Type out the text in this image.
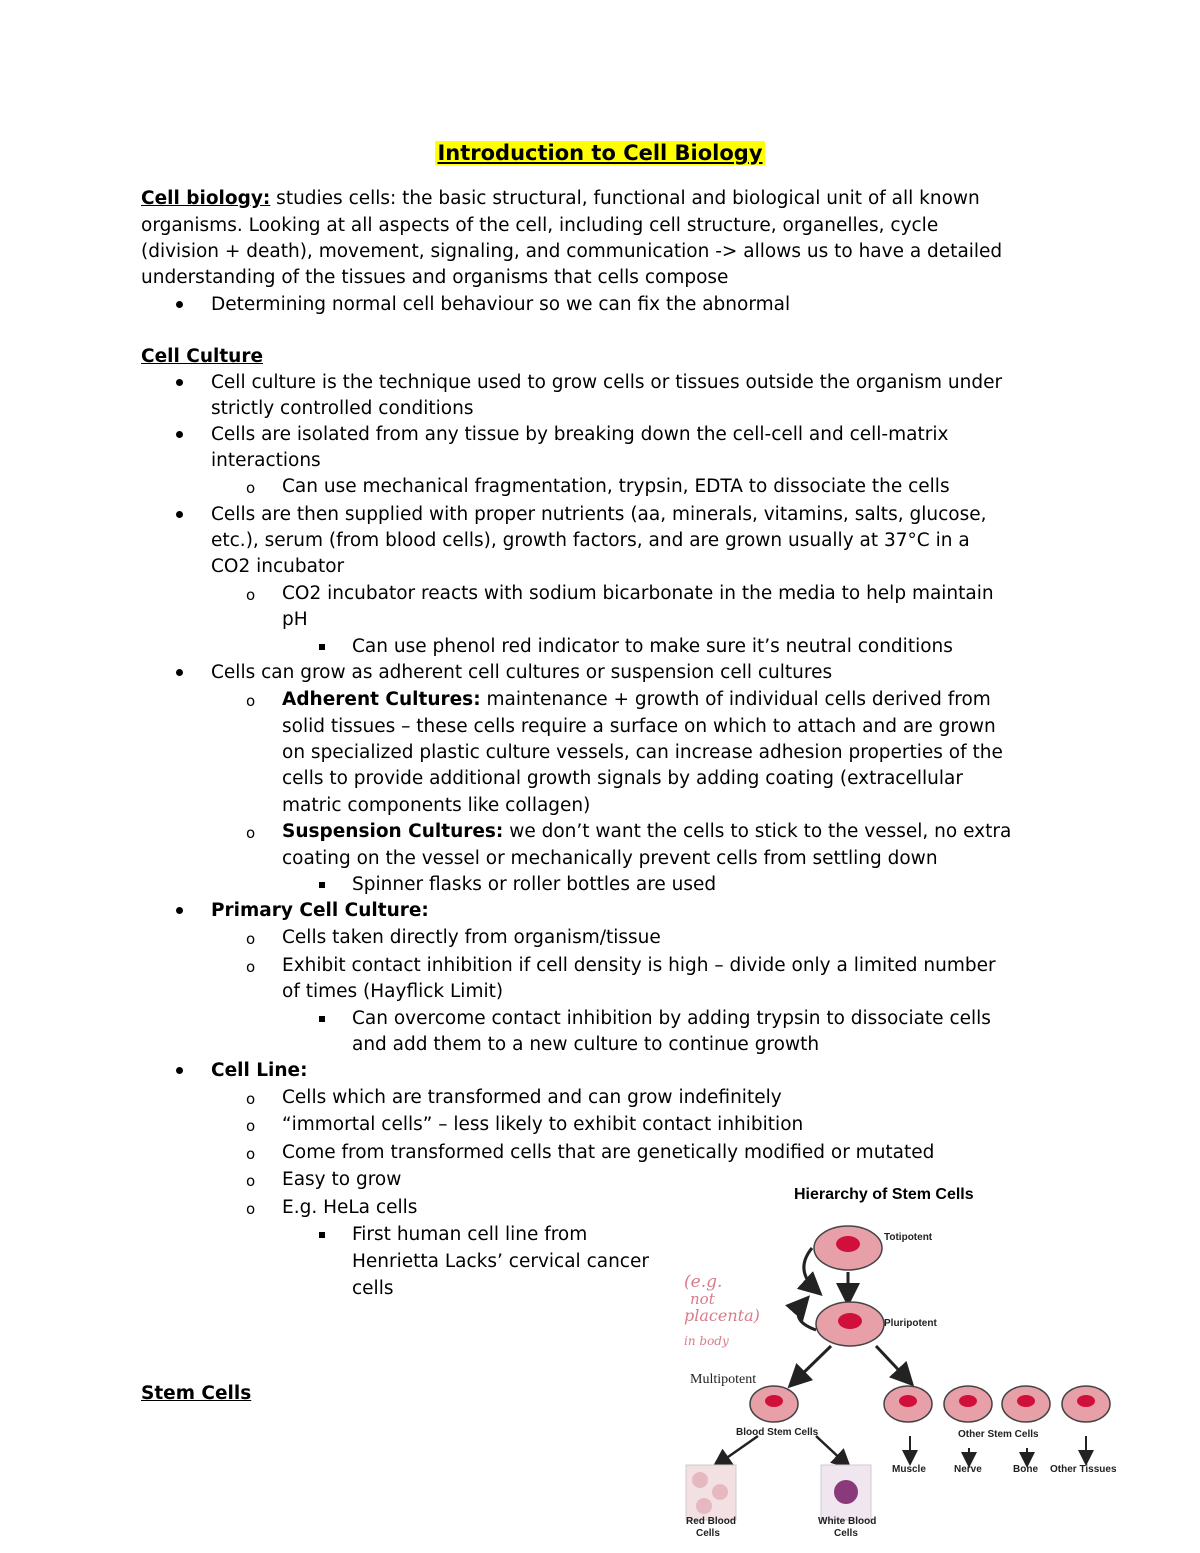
Introduction to Cell Biology
Cell biology: studies cells: the basic structural, functional and biological unit of all known
organisms. Looking at all aspects of the cell, including cell structure, organelles, cycle
(division + death), movement, signaling, and communication -> allows us to have a detailed
understanding of the tissues and organisms that cells compose
Determining normal cell behaviour so we can fix the abnormal
Cell Culture
Cell culture is the technique used to grow cells or tissues outside the organism under
strictly controlled conditions
Cells are isolated from any tissue by breaking down the cell-cell and cell-matrix
interactions
o Can use mechanical fragmentation, trypsin, EDTA to dissociate the cells
Cells are then supplied with proper nutrients (aa, minerals, vitamins, salts, glucose,
etc.), serum (from blood cells), growth factors, and are grown usually at 37°C in a
CO2 incubator
o CO2 incubator reacts with sodium bicarbonate in the media to help maintain
pH
Can use phenol red indicator to make sure it’s neutral conditions
Cells can grow as adherent cell cultures or suspension cell cultures
o Adherent Cultures: maintenance + growth of individual cells derived from
solid tissues – these cells require a surface on which to attach and are grown
on specialized plastic culture vessels, can increase adhesion properties of the
cells to provide additional growth signals by adding coating (extracellular
matric components like collagen)
o Suspension Cultures: we don’t want the cells to stick to the vessel, no extra
coating on the vessel or mechanically prevent cells from settling down
Spinner flasks or roller bottles are used
Primary Cell Culture:
o Cells taken directly from organism/tissue
o Exhibit contact inhibition if cell density is high – divide only a limited number
of times (Hayflick Limit)
Can overcome contact inhibition by adding trypsin to dissociate cells
and add them to a new culture to continue growth
Cell Line:
o Cells which are transformed and can grow indefinitely
o “immortal cells” – less likely to exhibit contact inhibition
o Come from transformed cells that are genetically modified or mutated
o Easy to grow
o E.g. HeLa cells
First human cell line from
Henrietta Lacks’ cervical cancer
cells
Stem Cells
Hierarchy of Stem Cells
Totipotent
Pluripotent
Multipotent
Blood Stem Cells	Other Stem Cells
Muscle	Nerve	Bone Other Tissues
Red Blood
Cells
White Blood
Cells
(e.g.
not
placenta)
in body
